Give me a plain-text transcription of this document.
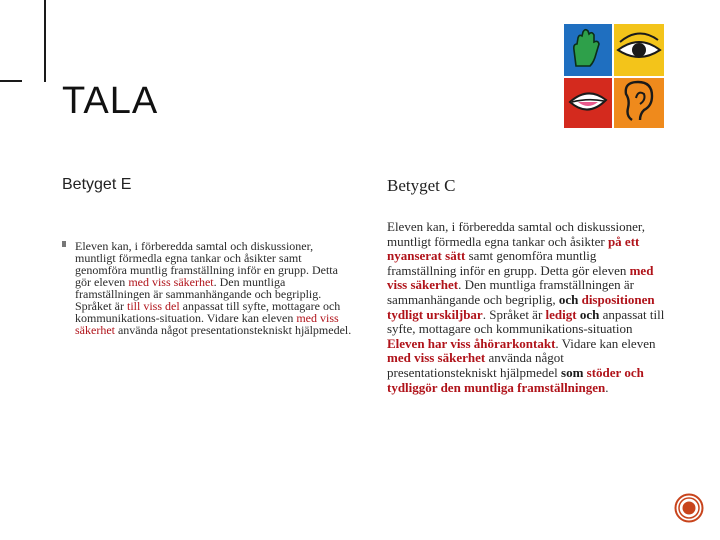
TALA
Betyget E	Betyget C
Eleven kan, i förberedda samtal och diskussioner, muntligt förmedla egna tankar och åsikter samt genomföra muntlig framställning inför en grupp. Detta gör eleven med viss säkerhet. Den muntliga framställningen är sammanhängande och begriplig. Språket är till viss del anpassat till syfte, mottagare och kommunikations-situation. Vidare kan eleven med viss säkerhet använda något presentationstekniskt hjälpmedel.
Eleven kan, i förberedda samtal och diskussioner, muntligt förmedla egna tankar och åsikter på ett nyanserat sätt samt genomföra muntlig framställning inför en grupp. Detta gör eleven med viss säkerhet. Den muntliga framställningen är sammanhängande och begriplig, och dispositionen tydligt urskiljbar. Språket är ledigt och anpassat till syfte, mottagare och kommunikations-situation Eleven har viss åhörarkontakt. Vidare kan eleven med viss säkerhet använda något presentationstekniskt hjälpmedel som stöder och tydliggör den muntliga framställningen.
